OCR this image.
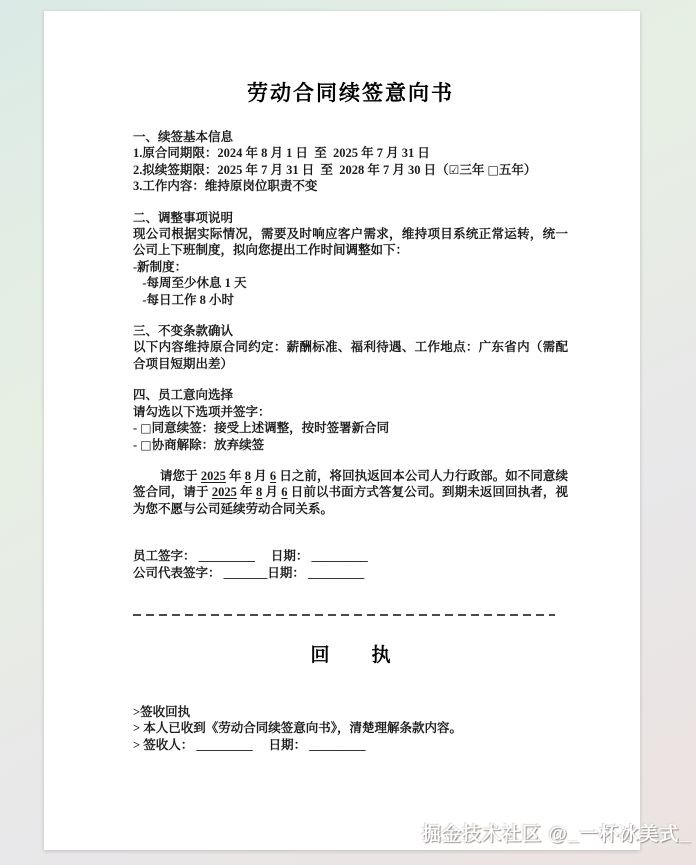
劳动合同续签意向书
一、续签基本信息
1.原合同期限：2024 年 8 月 1 日  至  2025 年 7 月 31 日
2.拟续签期限：2025 年 7 月 31 日  至  2028 年 7 月 30 日（☑三年 □五年）
3.工作内容：维持原岗位职责不变
二、调整事项说明
现公司根据实际情况，需要及时响应客户需求，维持项目系统正常运转，统一公司上下班制度，拟向您提出工作时间调整如下：
-新制度：
-每周至少休息 1 天
-每日工作 8 小时
三、不变条款确认
以下内容维持原合同约定：薪酬标准、福利待遇、工作地点：广东省内（需配合项目短期出差）
四、员工意向选择
请勾选以下选项并签字：
- □同意续签：接受上述调整，按时签署新合同
- □协商解除：放弃续签

请您于 2025 年 8 月 6 日之前，将回执返回本公司人力行政部。如不同意续签合同，请于 2025 年 8 月 6 日前以书面方式答复公司。到期未返回回执者，视为您不愿与公司延续劳动合同关系。

员工签字： _________ 日期： _________
公司代表签字： _______日期： _________
回 执
>签收回执
> 本人已收到《劳动合同续签意向书》，清楚理解条款内容。
> 签收人： _________ 日期： _________
掘金技术社区 @_一杯冰美式_
